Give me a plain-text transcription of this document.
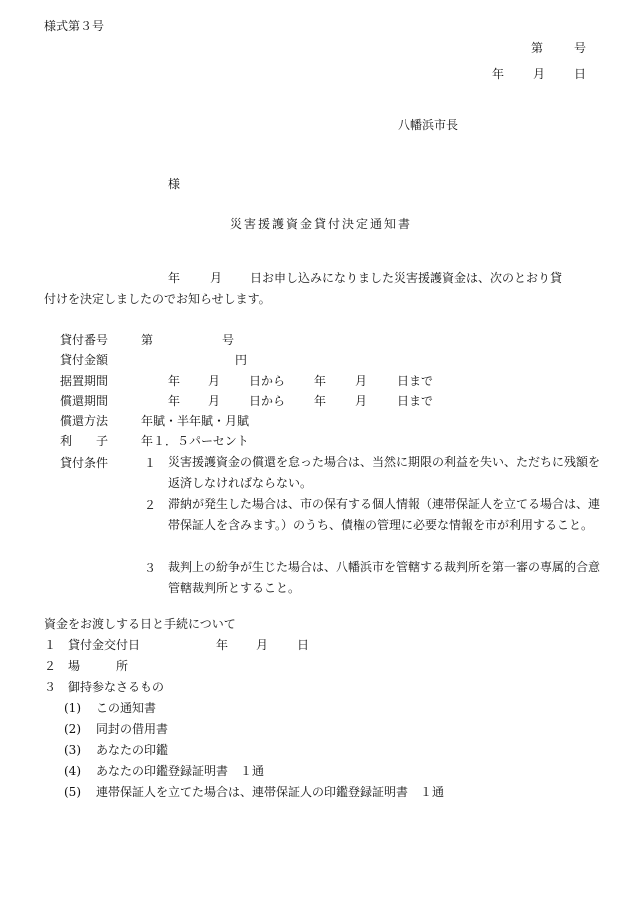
様式第３号
第	号
年 月 日
八幡浜市長
様
災害援護資金貸付決定通知書
年 月 日お申し込みになりました災害援護資金は、次のとおり貸
付けを決定しましたのでお知らせします。
貸付番号	第	号
貸付金額	円
据置期間	年 月 日から 年 月 日まで
償還期間	年 月 日から 年 月 日まで
償還方法	年賦・半年賦・月賦
利　　子	年１．５パーセント
貸付条件	１ 災害援護資金の償還を怠った場合は、当然に期限の利益を失い、ただちに残額を返済しなければならない。
２ 滞納が発生した場合は、市の保有する個人情報（連帯保証人を立てる場合は、連帯保証人を含みます。）のうち、債権の管理に必要な情報を市が利用すること。
３ 裁判上の紛争が生じた場合は、八幡浜市を管轄する裁判所を第一審の専属的合意管轄裁判所とすること。
資金をお渡しする日と手続について
１ 貸付金交付日	年 月 日
２ 場　　　所
３ 御持参なさるもの
(1) この通知書
(2) 同封の借用書
(3) あなたの印鑑
(4) あなたの印鑑登録証明書　１通
(5) 連帯保証人を立てた場合は、連帯保証人の印鑑登録証明書　１通
